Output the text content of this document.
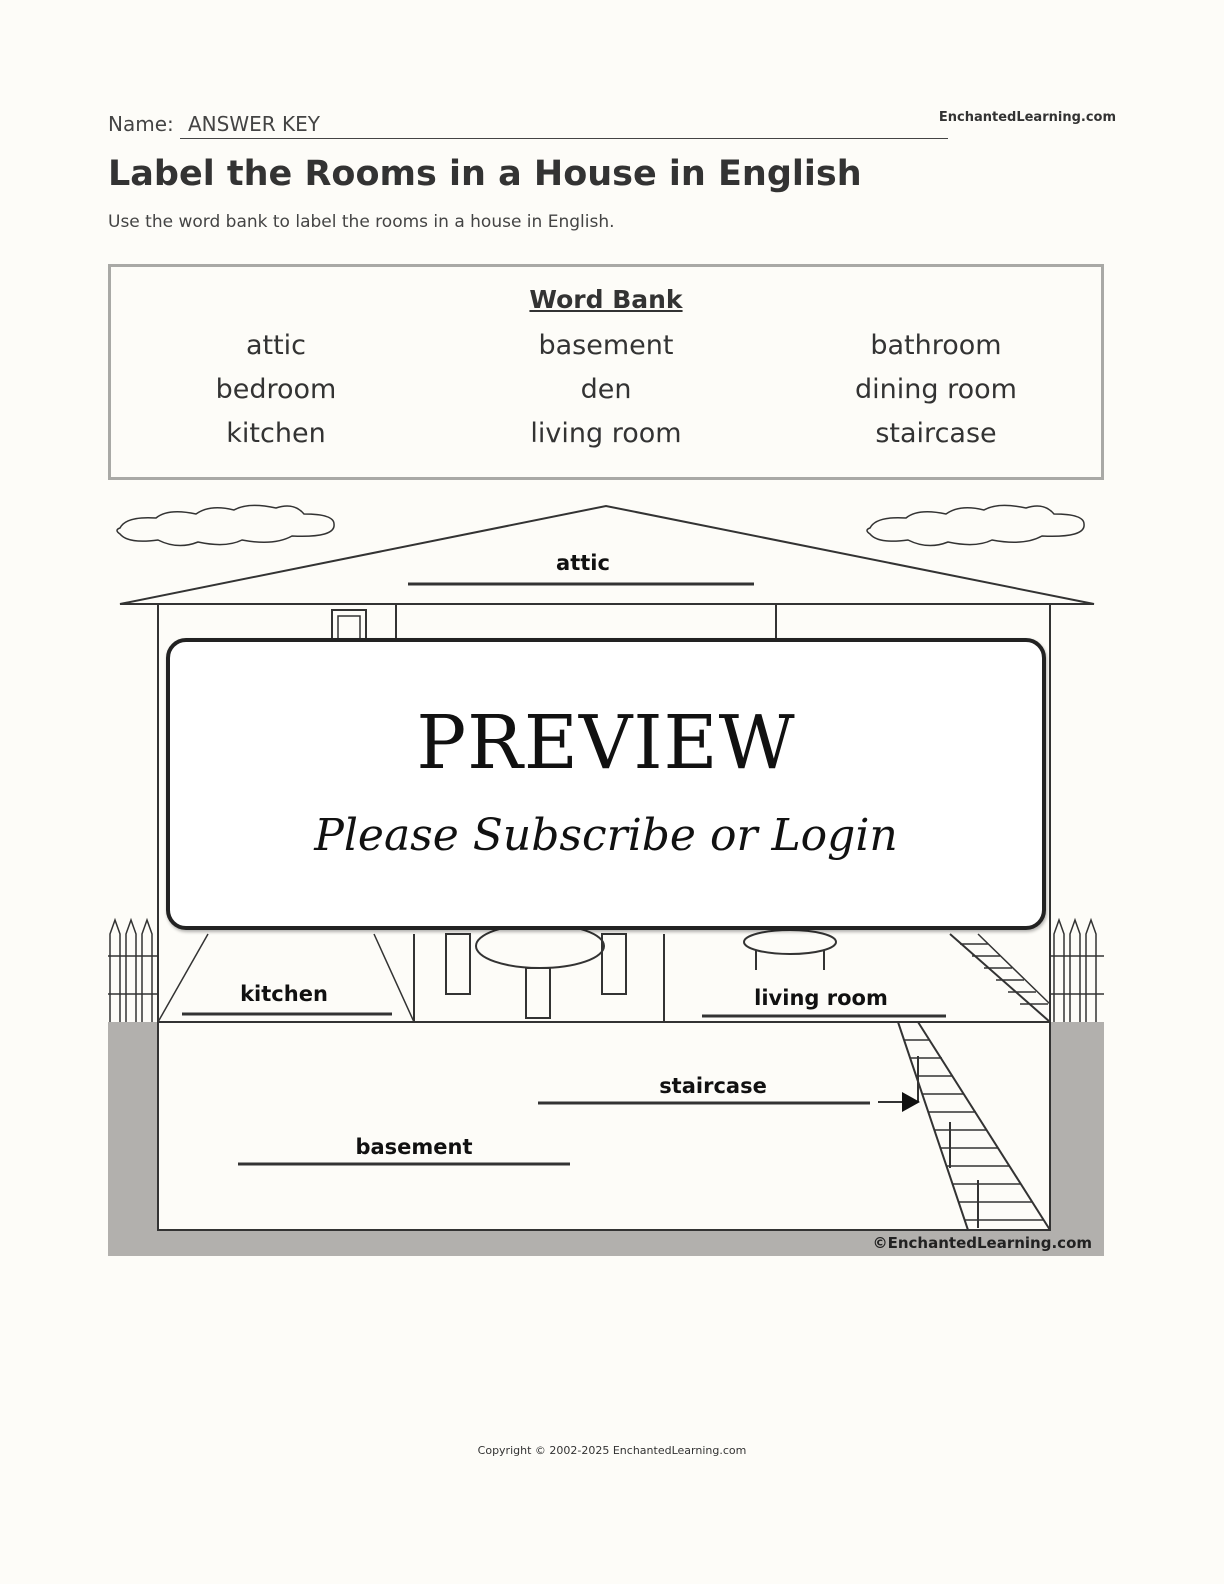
Name: ANSWER KEY	EnchantedLearning.com
Label the Rooms in a House in English
Use the word bank to label the rooms in a house in English.
Word Bank
attic	basement	bathroom
bedroom	den	dining room
kitchen	living room	staircase
attic
kitchen	living room
staircase
basement
©EnchantedLearning.com
PREVIEW
Please Subscribe or Login
Copyright © 2002-2025 EnchantedLearning.com
